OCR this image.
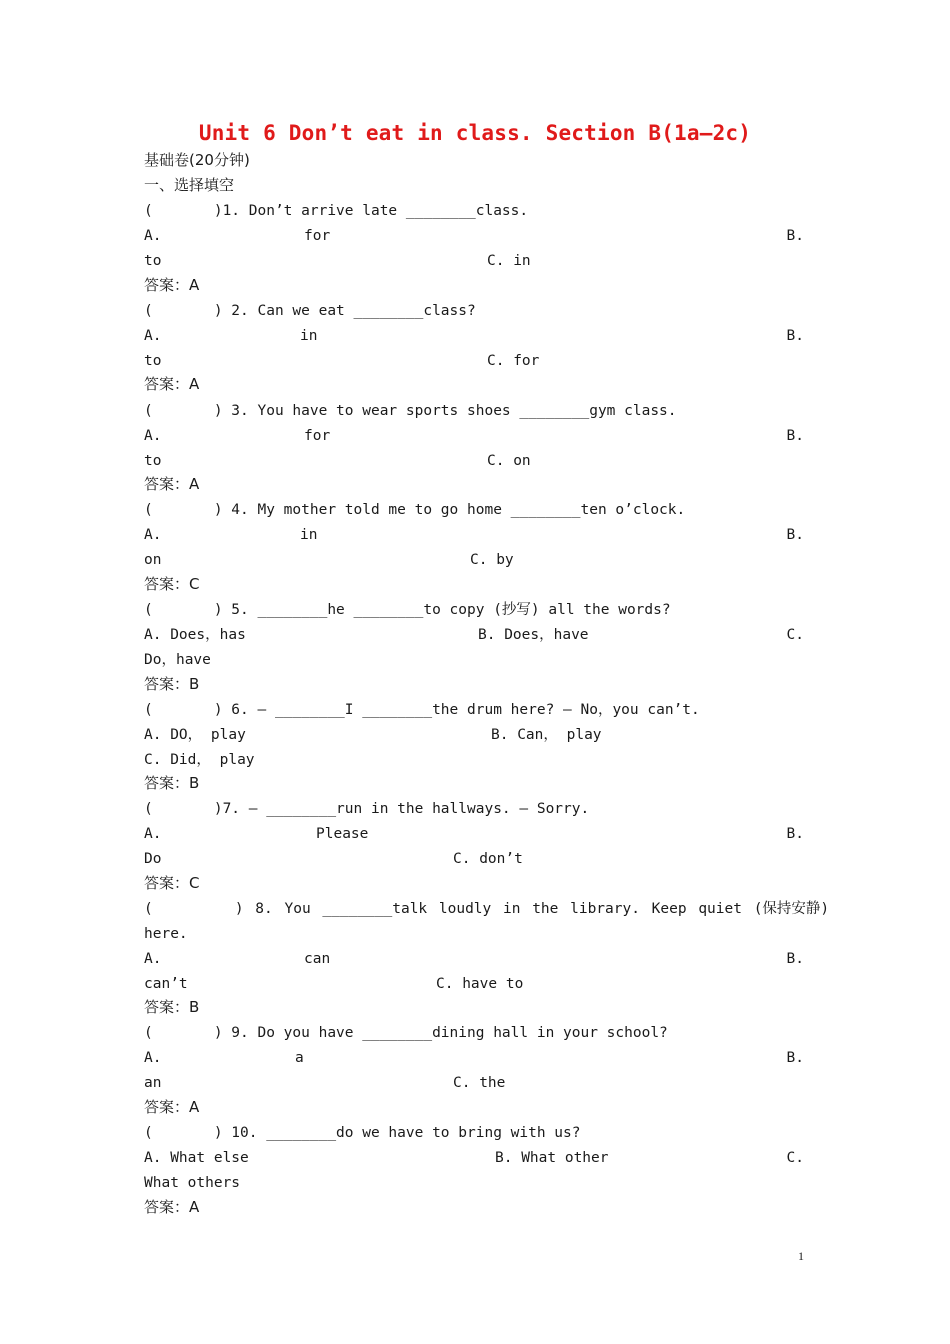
Unit 6 Don’t eat in class. Section B(1a—2c)
基础卷(20分钟)
一、选择填空
(       )1. Don’t arrive late ________class.
A.	for	B.
to	C. in
答案：A
(       ) 2. Can we eat ________class?
A.	in	B.
to	C. for
答案：A
(       ) 3. You have to wear sports shoes ________gym class.
A.	for	B.
to	C. on
答案：A
(       ) 4. My mother told me to go home ________ten o’clock.
A.	in	B.
on	C. by
答案：C
(       ) 5. ________he ________to copy (抄写) all the words?
A. Does，has	B. Does，have	C.
Do，have
答案：B
(       ) 6. — ________I ________the drum here? — No，you can’t.
A. DO， play	B. Can， play
C. Did， play
答案：B
(       )7. — ________run in the hallways. — Sorry.
A.	Please	B.
Do	C. don’t
答案：C
(       ) 8. You ________talk loudly in the library. Keep quiet (保持安静)
here.
A.	can	B.
can’t	C. have to
答案：B
(       ) 9. Do you have ________dining hall in your school?
A.	a	B.
an	C. the
答案：A
(       ) 10. ________do we have to bring with us?
A. What else	B. What other	C.
What others
答案：A
1
